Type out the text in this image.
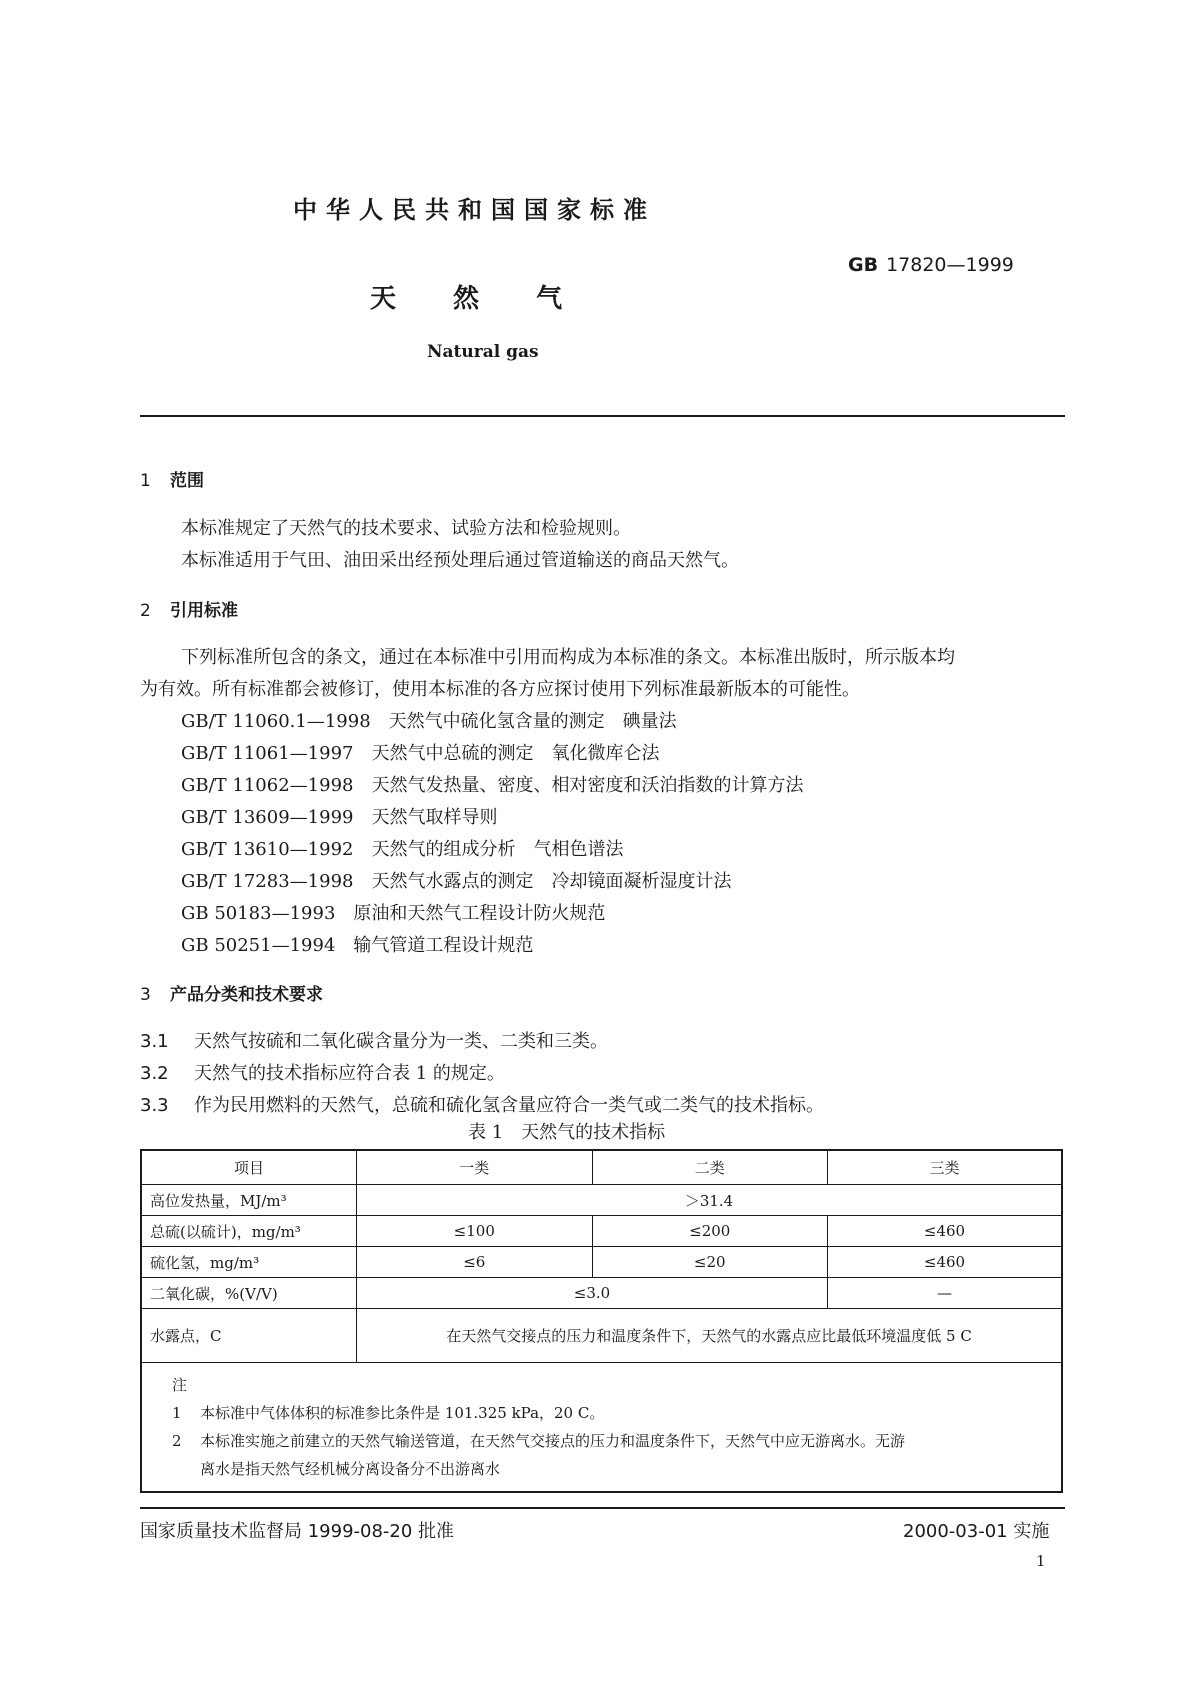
中华人民共和国国家标准
GB 17820—1999
天 然 气
Natural gas
1 范围
本标准规定了天然气的技术要求、试验方法和检验规则。
本标准适用于气田、油田采出经预处理后通过管道输送的商品天然气。
2 引用标准
下列标准所包含的条文，通过在本标准中引用而构成为本标准的条文。本标准出版时，所示版本均
为有效。所有标准都会被修订，使用本标准的各方应探讨使用下列标准最新版本的可能性。
GB/T 11060.1—1998　 天然气中硫化氢含量的测定　碘量法
GB/T 11061—1997　 天然气中总硫的测定　氧化微库仑法
GB/T 11062—1998　 天然气发热量、密度、相对密度和沃泊指数的计算方法
GB/T 13609—1999　 天然气取样导则
GB/T 13610—1992　 天然气的组成分析　气相色谱法
GB/T 17283—1998　 天然气水露点的测定　冷却镜面凝析湿度计法
GB 50183—1993　 原油和天然气工程设计防火规范
GB 50251—1994　 输气管道工程设计规范
3 产品分类和技术要求
3.1 天然气按硫和二氧化碳含量分为一类、二类和三类。
3.2 天然气的技术指标应符合表 1 的规定。
3.3 作为民用燃料的天然气，总硫和硫化氢含量应符合一类气或二类气的技术指标。
表 1　天然气的技术指标
项目	一类	二类	三类
高位发热量，MJ/m³	＞31.4		
总硫(以硫计)，mg/m³	≤100	≤200	≤460
硫化氢，mg/m³	≤6	≤20	≤460
二氧化碳，%(V/V)	≤3.0		—
水露点，C	在天然气交接点的压力和温度条件下，天然气的水露点应比最低环境温度低 5 C		

注
1 本标准中气体体积的标准参比条件是 101.325 kPa，20 C。
2 本标准实施之前建立的天然气输送管道，在天然气交接点的压力和温度条件下，天然气中应无游离水。无游
离水是指天然气经机械分离设备分不出游离水			
国家质量技术监督局 1999-08-20 批准	2000-03-01 实施
1
